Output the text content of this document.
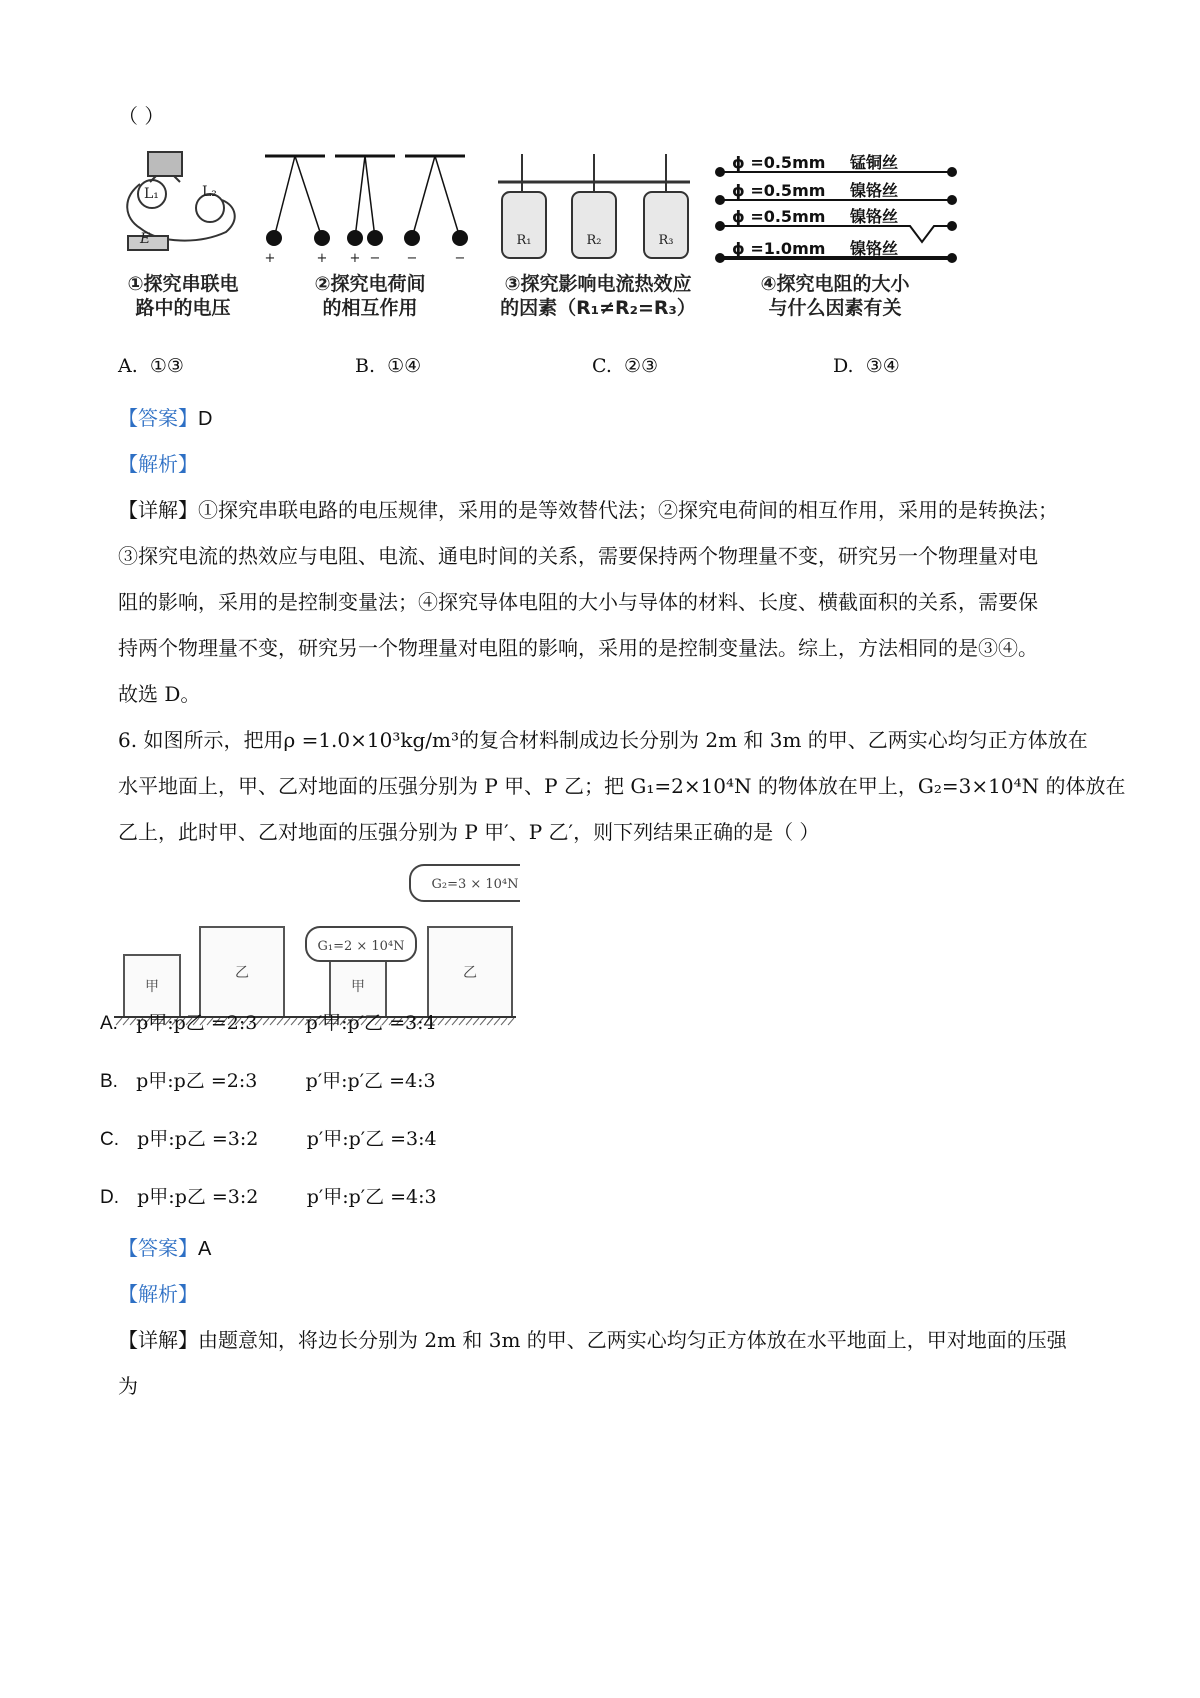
（ ）
L₁	L₂
E
+	+ + − −	−
R₁	R₂	R₃
ϕ =0.5mm 锰铜丝
ϕ =0.5mm 镍铬丝
ϕ =0.5mm 镍铬丝
ϕ =1.0mm 镍铬丝
①探究串联电
路中的电压
②探究电荷间
的相互作用
③探究影响电流热效应
的因素（R₁≠R₂=R₃）
④探究电阻的大小
与什么因素有关
A. ①③	B. ①④	C. ②③	D. ③④
【答案】D
【解析】
【详解】①探究串联电路的电压规律，采用的是等效替代法；②探究电荷间的相互作用，采用的是转换法；
③探究电流的热效应与电阻、电流、通电时间的关系，需要保持两个物理量不变，研究另一个物理量对电
阻的影响，采用的是控制变量法；④探究导体电阻的大小与导体的材料、长度、横截面积的关系，需要保
持两个物理量不变，研究另一个物理量对电阻的影响，采用的是控制变量法。综上，方法相同的是③④。
故选 D。
6. 如图所示，把用ρ =1.0×10³kg/m³的复合材料制成边长分别为 2m 和 3m 的甲、乙两实心均匀正方体放在
水平地面上，甲、乙对地面的压强分别为 P 甲、P 乙；把 G₁=2×10⁴N 的物体放在甲上，G₂=3×10⁴N 的体放在
乙上，此时甲、乙对地面的压强分别为 P 甲′、P 乙′，则下列结果正确的是（ ）
甲
乙
甲
乙
G₁=2 × 10⁴N
G₂=3 × 10⁴N
A. p甲:p乙 =2:3	p′甲:p′乙 =3:4
B. p甲:p乙 =2:3	p′甲:p′乙 =4:3
C. p甲:p乙 =3:2	p′甲:p′乙 =3:4
D. p甲:p乙 =3:2	p′甲:p′乙 =4:3
【答案】A
【解析】
【详解】由题意知，将边长分别为 2m 和 3m 的甲、乙两实心均匀正方体放在水平地面上，甲对地面的压强
为
